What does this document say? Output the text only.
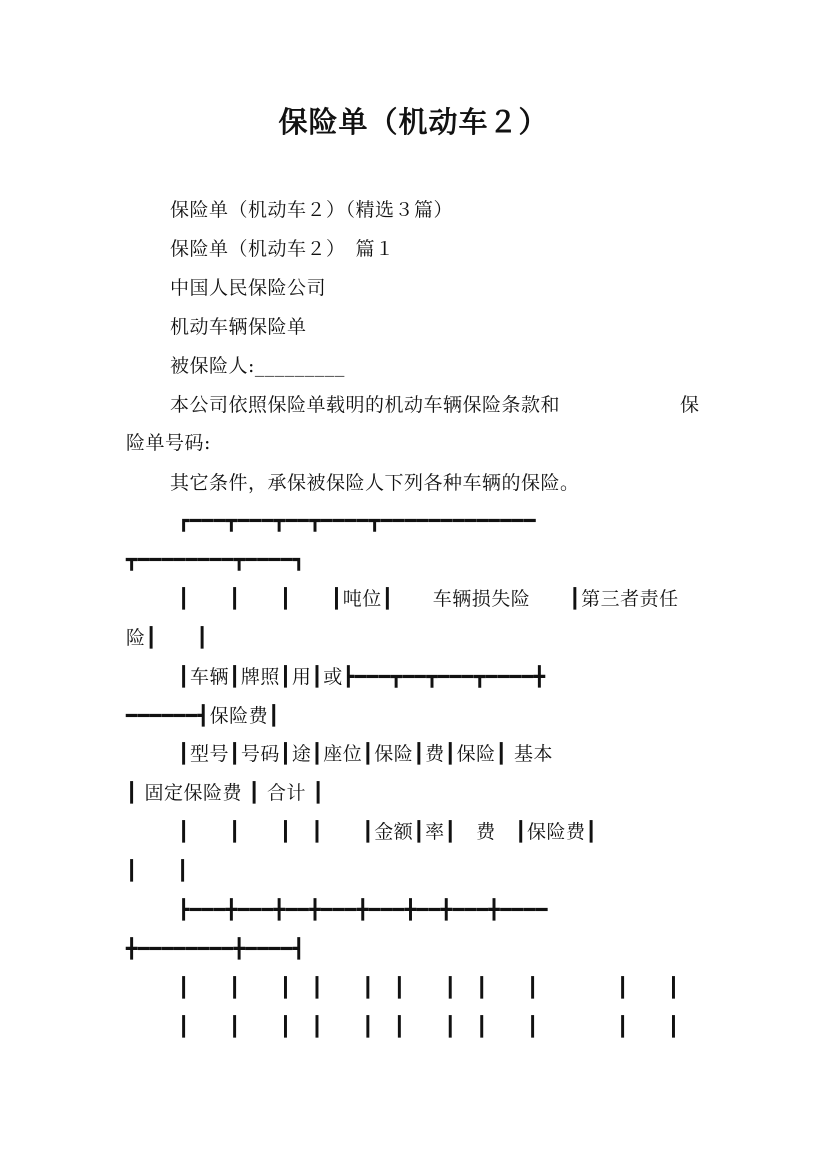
保险单（机动车２）
保险单（机动车２）（精选３篇）
保险单（机动车２）　篇１
中国人民保险公司
机动车辆保险单
被保险人:_________
本公司依照保险单载明的机动车辆保险条款和	保
险单号码:
其它条件，承保被保险人下列各种车辆的保险。
┏━━━┳━━━┳━━┳━━━━┳━━━━━━━━━━━━━
┳━━━━━━━━┳━━━━┓
┃　　┃　　┃　　┃吨位┃　　车辆损失险　　┃第三者责任
险┃　　┃
┃车辆┃牌照┃用┃或┣━━━┳━━┳━━━┳━━━━╋
━━━━━━┫保险费┃
┃型号┃号码┃途┃座位┃保险┃费┃保险┃ 基本
┃ 固定保险费 ┃ 合计 ┃
┃　　┃　　┃　┃　　┃金额┃率┃　费　┃保险费┃
┃　　┃
┣━━━╋━━━╋━━╋━━━╋━━━╋━━╋━━━╋━━━━
╋━━━━━━━━╋━━━━┫
┃　　┃　　┃　┃　　┃　┃　　┃　┃　　┃　　　　┃　　┃
┃　　┃　　┃　┃　　┃　┃　　┃　┃　　┃　　　　┃　　┃
